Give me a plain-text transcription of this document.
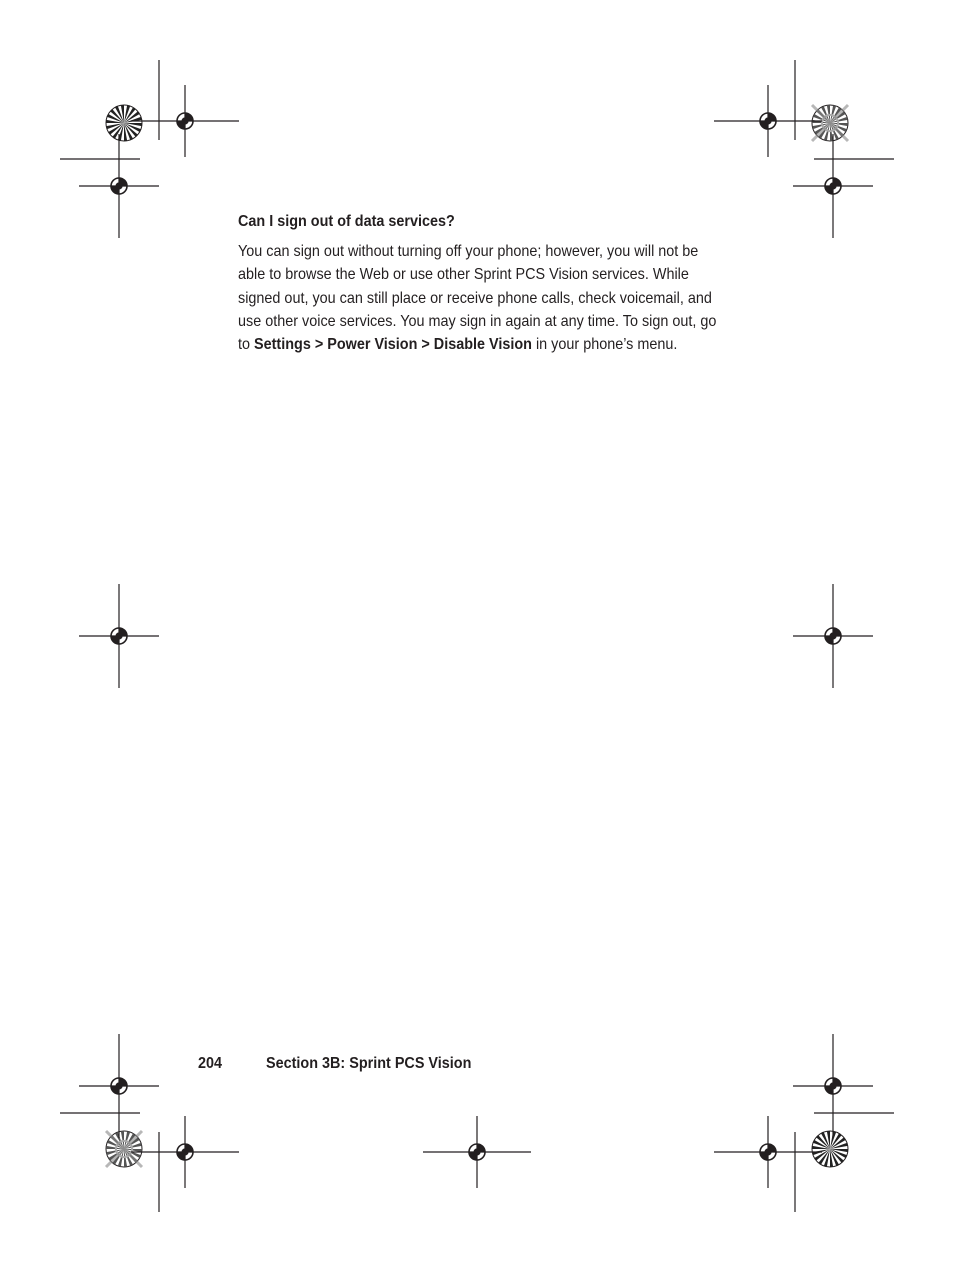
Can I sign out of data services?

You can sign out without turning off your phone; however, you will not be
able to browse the Web or use other Sprint PCS Vision services. While
signed out, you can still place or receive phone calls, check voicemail, and
use other voice services. You may sign in again at any time. To sign out, go
to Settings > Power Vision > Disable Vision in your phone’s menu.

204	Section 3B: Sprint PCS Vision
